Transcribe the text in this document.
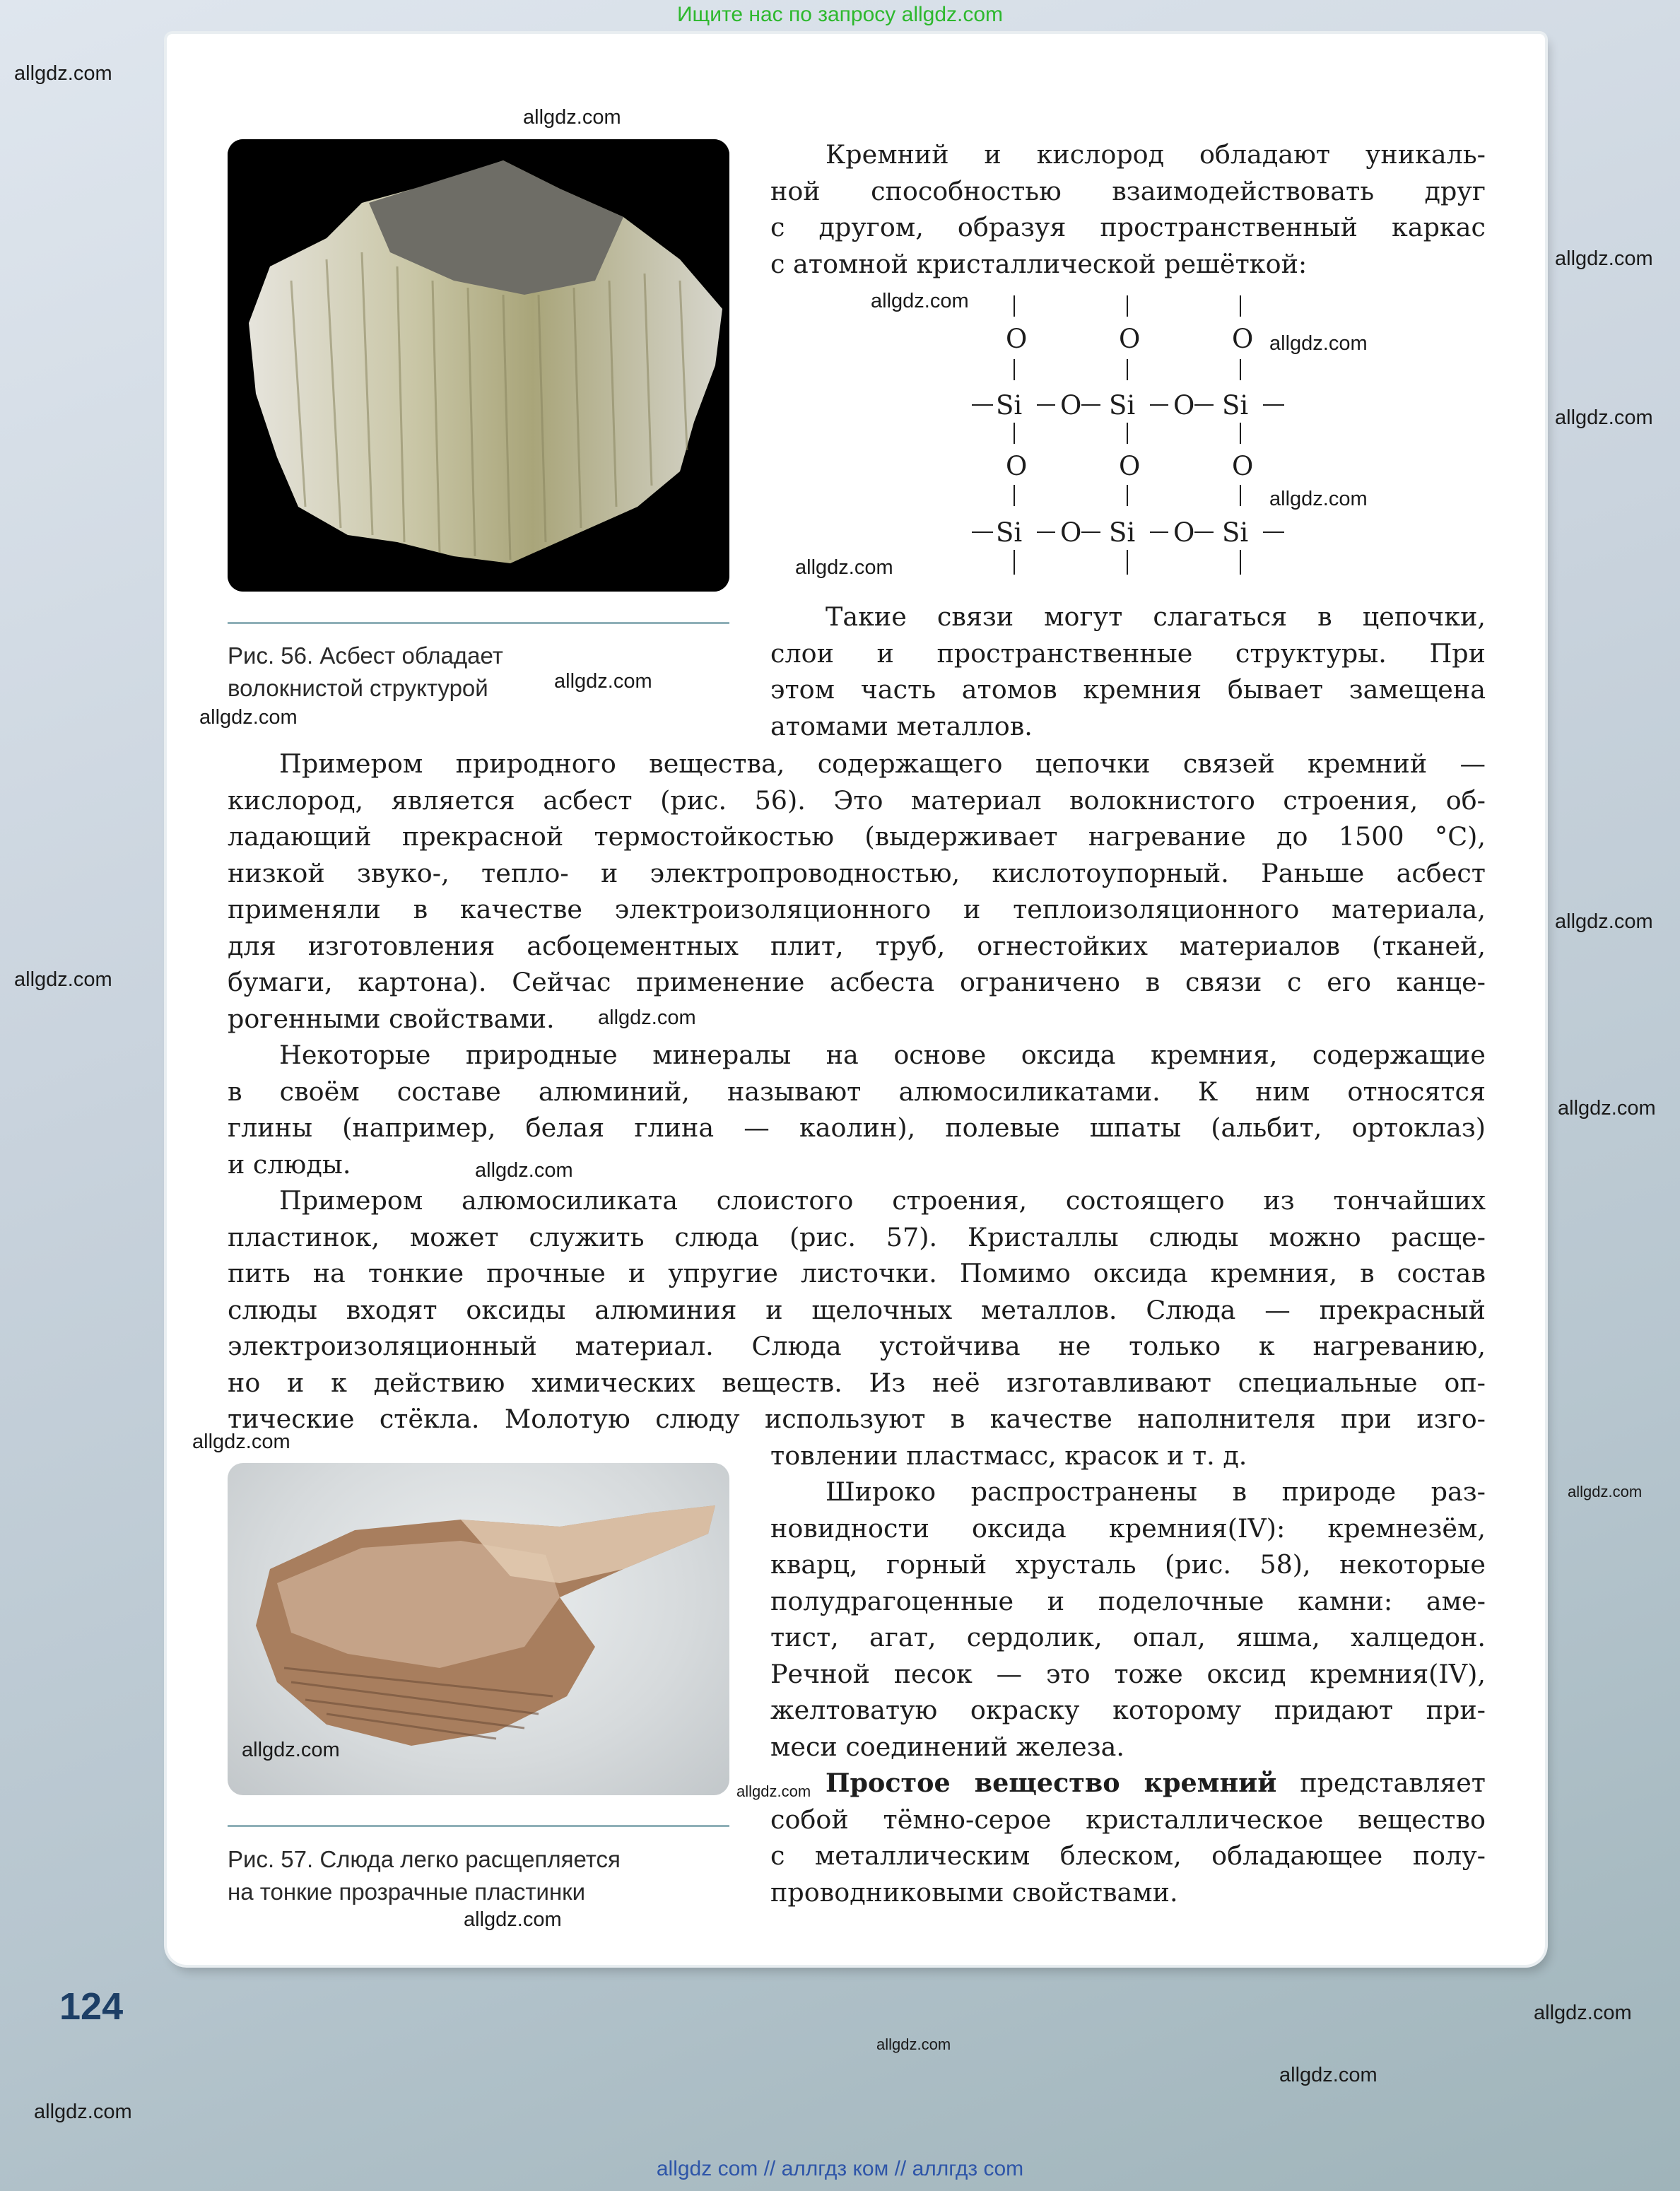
Ищите нас по запросу allgdz.com
Рис. 56. Асбест обладает
волокнистой структурой

Кремний и кислород обладают уникаль-

ной способностью взаимодействовать друг
с другом, образуя пространственный каркас
с атомной кристаллической решёткой:
O	O	O
Si O Si O Si
O	O	O
Si O Si O Si
Такие связи могут слагаться в цепочки,
слои и пространственные структуры. При
этом часть атомов кремния бывает замещена
атомами металлов.
Примером природного вещества, содержащего цепочки связей кремний —
кислород, является асбест (рис. 56). Это материал волокнистого строения, об-
ладающий прекрасной термостойкостью (выдерживает нагревание до 1500 °С),
низкой звуко-, тепло- и электропроводностью, кислотоупорный. Раньше асбест
применяли в качестве электроизоляционного и теплоизоляционного материала,
для изготовления асбоцементных плит, труб, огнестойких материалов (тканей,
бумаги, картона). Сейчас применение асбеста ограничено в связи с его канце-
рогенными свойствами.
Некоторые природные минералы на основе оксида кремния, содержащие
в своём составе алюминий, называют алюмосиликатами. К ним относятся
глины (например, белая глина — каолин), полевые шпаты (альбит, ортоклаз)
и слюды.
Примером алюмосиликата слоистого строения, состоящего из тончайших
пластинок, может служить слюда (рис. 57). Кристаллы слюды можно расще-
пить на тонкие прочные и упругие листочки. Помимо оксида кремния, в состав
слюды входят оксиды алюминия и щелочных металлов. Слюда — прекрасный
электроизоляционный материал. Слюда устойчива не только к нагреванию,
но и к действию химических веществ. Из неё изготавливают специальные оп-
тические стёкла. Молотую слюду используют в качестве наполнителя при изго-
товлении пластмасс, красок и т. д.
Рис. 57. Слюда легко расщепляется
на тонкие прозрачные пластинки
Широко распространены в природе раз-
новидности оксида кремния(IV): кремнезём,
кварц, горный хрусталь (рис. 58), некоторые
полудрагоценные и поделочные камни: аме-
тист, агат, сердолик, опал, яшма, халцедон.
Речной песок — это тоже оксид кремния(IV),
желтоватую окраску которому придают при-
меси соединений железа.
Простое вещество кремний представляет
собой тёмно-серое кристаллическое вещество
с металлическим блеском, обладающее полу-
проводниковыми свойствами.
124
allgdz.com
allgdz.com
allgdz.com
allgdz.com
allgdz.com
allgdz.com
allgdz.com
allgdz.com
allgdz.com
allgdz.com
allgdz.com
allgdz.com
allgdz.com
allgdz.com
allgdz.com
allgdz.com
allgdz.com
allgdz.com
allgdz.com
allgdz.com
allgdz.com
allgdz.com
allgdz.com
allgdz.com
allgdz com // аллгдз ком // аллгдз com
